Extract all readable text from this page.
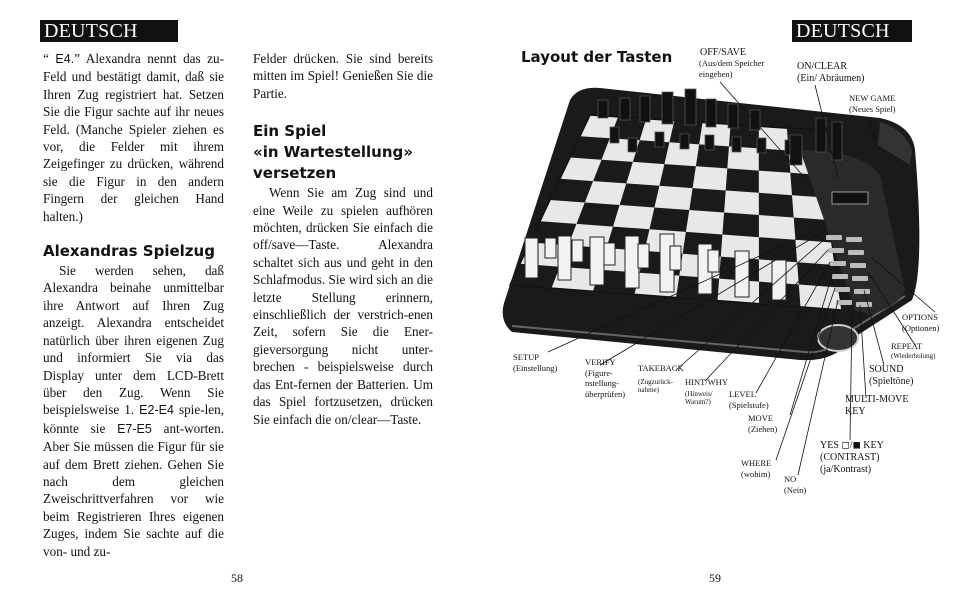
DEUTSCH

“ E4.” Alexandra nennt das zu-Feld und bestätigt damit, daß sie Ihren Zug registriert hat. Setzen Sie die Figur sachte auf ihr neues Feld. (Manche Spieler ziehen es vor, die Felder mit ihrem Zeigefinger zu drücken, während sie die Figur in den andern Fingern der gleichen Hand halten.)

Alexandras Spielzug

Sie werden sehen, daß Alexandra beinahe unmittelbar ihre Antwort auf Ihren Zug anzeigt. Alexandra entscheidet natürlich über ihren eigenen Zug und informiert Sie via das Display unter dem LCD-Brett über den Zug. Wenn Sie beispielsweise 1. E2-E4 spie-len, könnte sie E7-E5 ant-worten. Aber Sie müssen die Figur für sie auf dem Brett ziehen. Gehen Sie nach dem gleichen Zweischrittverfahren vor wie beim Registrieren Ihres eigenen Zuges, indem Sie sachte auf die von- und zu-

Felder drücken. Sie sind bereits mitten im Spiel! Genießen Sie die Partie.

Ein Spiel
«in Wartestellung»
versetzen

Wenn Sie am Zug sind und eine Weile zu spielen aufhören möchten, drücken Sie einfach die off/save—Taste. Alexandra schaltet sich aus und geht in den Schlafmodus. Sie wird sich an die letzte Stellung erinnern, einschließlich der verstrich-enen Zeit, sofern Sie die Ener-gieversorgung nicht unter-brechen - beispielsweise durch das Ent-fernen der Batterien. Um das Spiel fortzusetzen, drücken Sie einfach die on/clear—Taste.

58
DEUTSCH
Layout der Tasten
59
OFF/SAVE
(Aus/dem Speicher
eingeben)
ON/CLEAR
(Ein/ Abräumen)
NEW GAME
(Neues Spiel)
OPTIONS
(Optionen)
REPEAT
(Wiederholung)
SOUND
(Spieltöne)
MULTI-MOVE
KEY
YES ◻/◼ KEY
(CONTRAST)
(ja/Kontrast)
NO
(Nein)
WHERE
(wohim)
MOVE
(Ziehen)
LEVEL
(Spielstufe)
HINT/WHY
(Hinweis/
Warum?)
TAKEBACK
(Zugzurück-
nahme)
VERIFY
(Figure-
nstellung-
überprüfen)
SETUP
(Einstellung)
